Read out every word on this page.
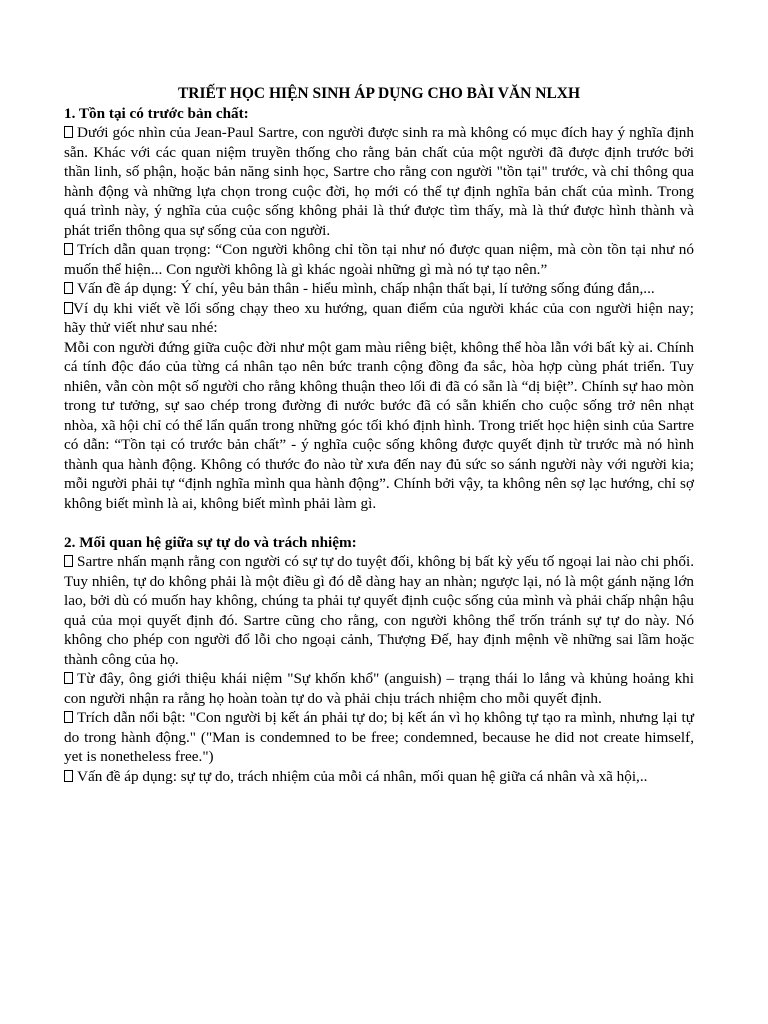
TRIẾT HỌC HIỆN SINH ÁP DỤNG CHO BÀI VĂN NLXH

1. Tồn tại có trước bản chất:

Dưới góc nhìn của Jean-Paul Sartre, con người được sinh ra mà không có mục đích hay ý nghĩa định sẵn. Khác với các quan niệm truyền thống cho rằng bản chất của một người đã được định trước bởi thần linh, số phận, hoặc bản năng sinh học, Sartre cho rằng con người "tồn tại" trước, và chỉ thông qua hành động và những lựa chọn trong cuộc đời, họ mới có thể tự định nghĩa bản chất của mình. Trong quá trình này, ý nghĩa của cuộc sống không phải là thứ được tìm thấy, mà là thứ được hình thành và phát triển thông qua sự sống của con người.

Trích dẫn quan trọng: “Con người không chỉ tồn tại như nó được quan niệm, mà còn tồn tại như nó muốn thể hiện... Con người không là gì khác ngoài những gì mà nó tự tạo nên.”

Vấn đề áp dụng: Ý chí, yêu bản thân - hiểu mình, chấp nhận thất bại, lí tưởng sống đúng đắn,...

Ví dụ khi viết về lối sống chạy theo xu hướng, quan điểm của người khác của con người hiện nay; hãy thử viết như sau nhé:

Mỗi con người đứng giữa cuộc đời như một gam màu riêng biệt, không thể hòa lẫn với bất kỳ ai. Chính cá tính độc đáo của từng cá nhân tạo nên bức tranh cộng đồng đa sắc, hòa hợp cùng phát triển. Tuy nhiên, vẫn còn một số người cho rằng không thuận theo lối đi đã có sẵn là “dị biệt”. Chính sự hao mòn trong tư tưởng, sự sao chép trong đường đi nước bước đã có sẵn khiến cho cuộc sống trở nên nhạt nhòa, xã hội chỉ có thể lẩn quẩn trong những góc tối khó định hình. Trong triết học hiện sinh của Sartre có dẫn: “Tồn tại có trước bản chất” - ý nghĩa cuộc sống không được quyết định từ trước mà nó hình thành qua hành động. Không có thước đo nào từ xưa đến nay đủ sức so sánh người này với người kia; mỗi người phải tự “định nghĩa mình qua hành động”. Chính bởi vậy, ta không nên sợ lạc hướng, chỉ sợ không biết mình là ai, không biết mình phải làm gì.

2. Mối quan hệ giữa sự tự do và trách nhiệm:

Sartre nhấn mạnh rằng con người có sự tự do tuyệt đối, không bị bất kỳ yếu tố ngoại lai nào chi phối. Tuy nhiên, tự do không phải là một điều gì đó dễ dàng hay an nhàn; ngược lại, nó là một gánh nặng lớn lao, bởi dù có muốn hay không, chúng ta phải tự quyết định cuộc sống của mình và phải chấp nhận hậu quả của mọi quyết định đó. Sartre cũng cho rằng, con người không thể trốn tránh sự tự do này. Nó không cho phép con người đổ lỗi cho ngoại cảnh, Thượng Đế, hay định mệnh về những sai lầm hoặc thành công của họ.

Từ đây, ông giới thiệu khái niệm "Sự khốn khổ" (anguish) – trạng thái lo lắng và khủng hoảng khi con người nhận ra rằng họ hoàn toàn tự do và phải chịu trách nhiệm cho mỗi quyết định.

Trích dẫn nổi bật: "Con người bị kết án phải tự do; bị kết án vì họ không tự tạo ra mình, nhưng lại tự do trong hành động." ("Man is condemned to be free; condemned, because he did not create himself, yet is nonetheless free.")

Vấn đề áp dụng: sự tự do, trách nhiệm của mỗi cá nhân, mối quan hệ giữa cá nhân và xã hội,..
